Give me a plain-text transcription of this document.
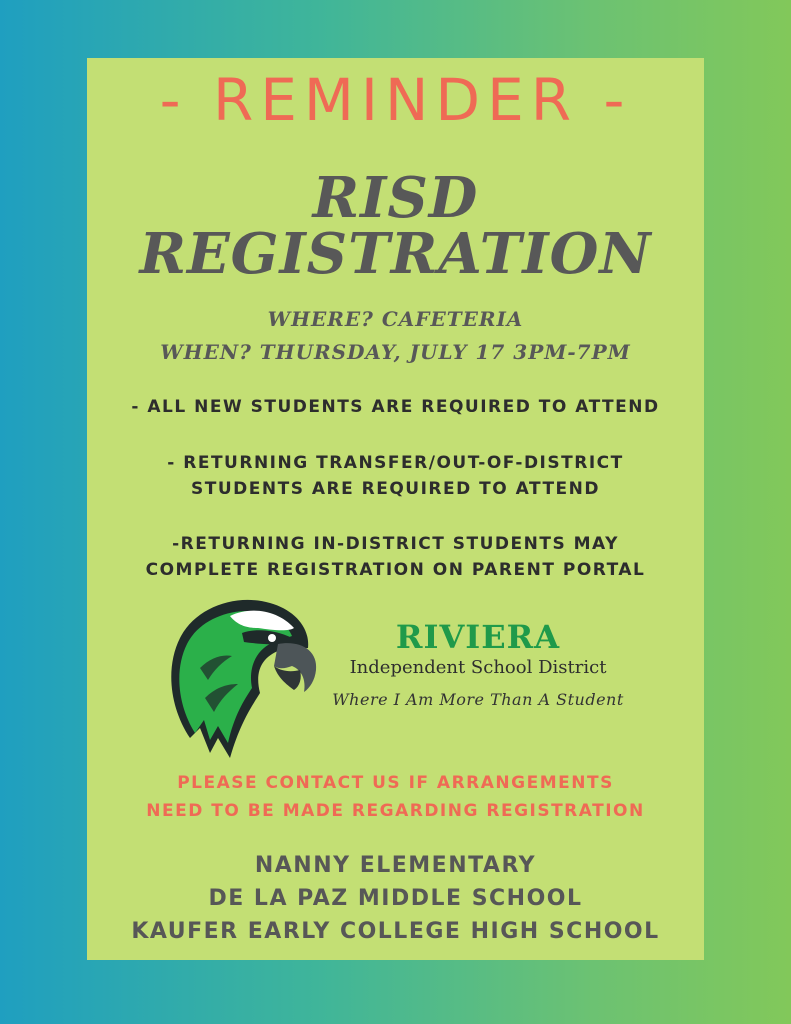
- REMINDER -
RISD
REGISTRATION
WHERE? CAFETERIA
WHEN? THURSDAY, JULY 17 3PM-7PM
- ALL NEW STUDENTS ARE REQUIRED TO ATTEND
- RETURNING TRANSFER/OUT-OF-DISTRICT
STUDENTS ARE REQUIRED TO ATTEND
-RETURNING IN-DISTRICT STUDENTS MAY
COMPLETE REGISTRATION ON PARENT PORTAL
RIVIERA
Independent School District
Where I Am More Than A Student
PLEASE CONTACT US IF ARRANGEMENTS
NEED TO BE MADE REGARDING REGISTRATION
NANNY ELEMENTARY
DE LA PAZ MIDDLE SCHOOL
KAUFER EARLY COLLEGE HIGH SCHOOL
